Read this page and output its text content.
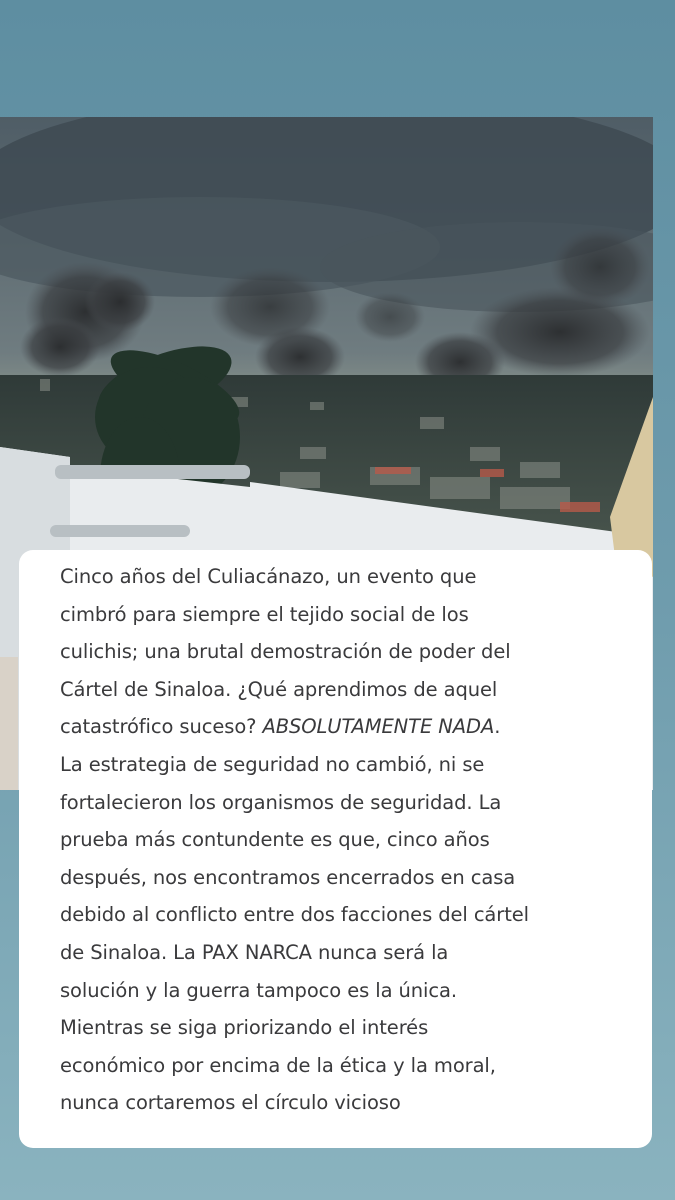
Cinco años del Culiacánazo, un evento que

cimbró para siempre el tejido social de los

culichis; una brutal demostración de poder del

Cártel de Sinaloa. ¿Qué aprendimos de aquel

catastrófico suceso? ABSOLUTAMENTE NADA.

La estrategia de seguridad no cambió, ni se

fortalecieron los organismos de seguridad. La

prueba más contundente es que, cinco años

después, nos encontramos encerrados en casa

debido al conflicto entre dos facciones del cártel

de Sinaloa. La PAX NARCA nunca será la

solución y la guerra tampoco es la única.

Mientras se siga priorizando el interés

económico por encima de la ética y la moral,

nunca cortaremos el círculo vicioso
